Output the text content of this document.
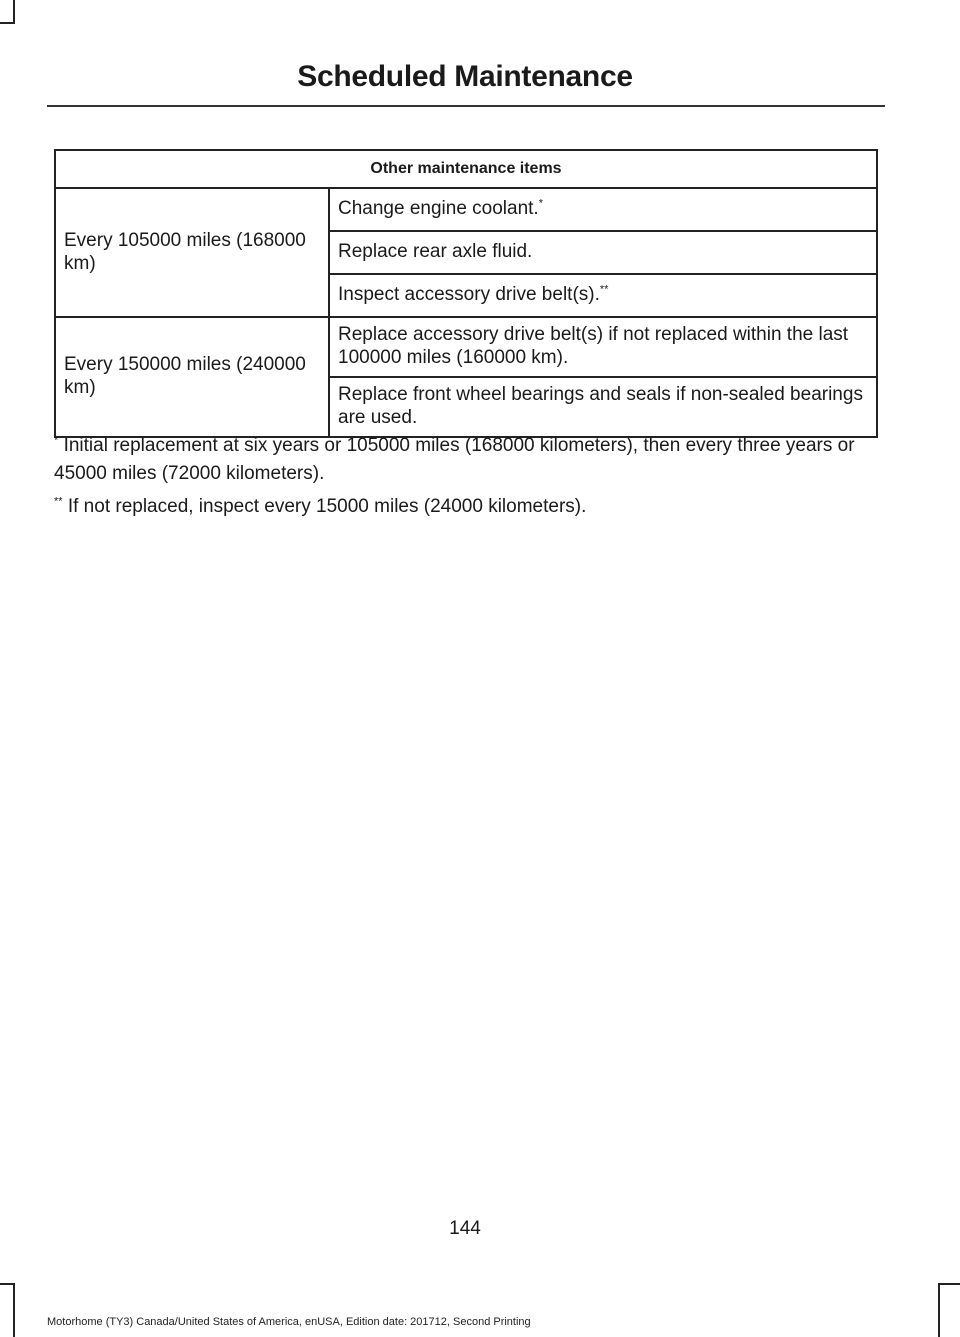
Scheduled Maintenance
Other maintenance items	
Every 105000 miles (168000 km)	Change engine coolant.*
	Replace rear axle fluid.
	Inspect accessory drive belt(s).**
Every 150000 miles (240000 km)	Replace accessory drive belt(s) if not replaced within the last 100000 miles (160000 km).
	Replace front wheel bearings and seals if non-sealed bearings are used.

* Initial replacement at six years or 105000 miles (168000 kilometers), then every three years or 45000 miles (72000 kilometers).

** If not replaced, inspect every 15000 miles (24000 kilometers).

144
Motorhome (TY3) Canada/United States of America, enUSA, Edition date: 201712, Second Printing
